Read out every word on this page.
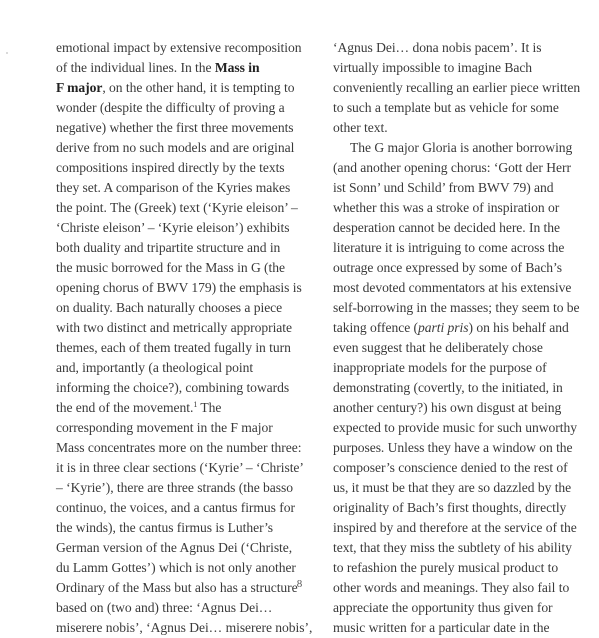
emotional impact by extensive recomposition
of the individual lines. In the Mass in
F major, on the other hand, it is tempting to
wonder (despite the difficulty of proving a
negative) whether the first three movements
derive from no such models and are original
compositions inspired directly by the texts
they set. A comparison of the Kyries makes
the point. The (Greek) text (‘Kyrie eleison’ –
‘Christe eleison’ – ‘Kyrie eleison’) exhibits
both duality and tripartite structure and in
the music borrowed for the Mass in G (the
opening chorus of BWV 179) the emphasis is
on duality. Bach naturally chooses a piece
with two distinct and metrically appropriate
themes, each of them treated fugally in turn
and, importantly (a theological point
informing the choice?), combining towards
the end of the movement.$^1$ The
corresponding movement in the F major
Mass concentrates more on the number three:
it is in three clear sections (‘Kyrie’ – ‘Christe’
– ‘Kyrie’), there are three strands (the basso
continuo, the voices, and a cantus firmus for
the winds), the cantus firmus is Luther’s
German version of the Agnus Dei (‘Christe,
du Lamm Gottes’) which is not only another
Ordinary of the Mass but also has a structure
based on (two and) three: ‘Agnus Dei…
miserere nobis’, ‘Agnus Dei… miserere nobis’,
‘Agnus Dei… dona nobis pacem’. It is
virtually impossible to imagine Bach
conveniently recalling an earlier piece written
to such a template but as vehicle for some
other text.
The G major Gloria is another borrowing
(and another opening chorus: ‘Gott der Herr
ist Sonn’ und Schild’ from BWV 79) and
whether this was a stroke of inspiration or
desperation cannot be decided here. In the
literature it is intriguing to come across the
outrage once expressed by some of Bach’s
most devoted commentators at his extensive
self-borrowing in the masses; they seem to be
taking offence (parti pris) on his behalf and
even suggest that he deliberately chose
inappropriate models for the purpose of
demonstrating (covertly, to the initiated, in
another century?) his own disgust at being
expected to provide music for such unworthy
purposes. Unless they have a window on the
composer’s conscience denied to the rest of
us, it must be that they are so dazzled by the
originality of Bach’s first thoughts, directly
inspired by and therefore at the service of the
text, that they miss the subtlety of his ability
to refashion the purely musical product to
other words and meanings. They also fail to
appreciate the opportunity thus given for
music written for a particular date in the
8
